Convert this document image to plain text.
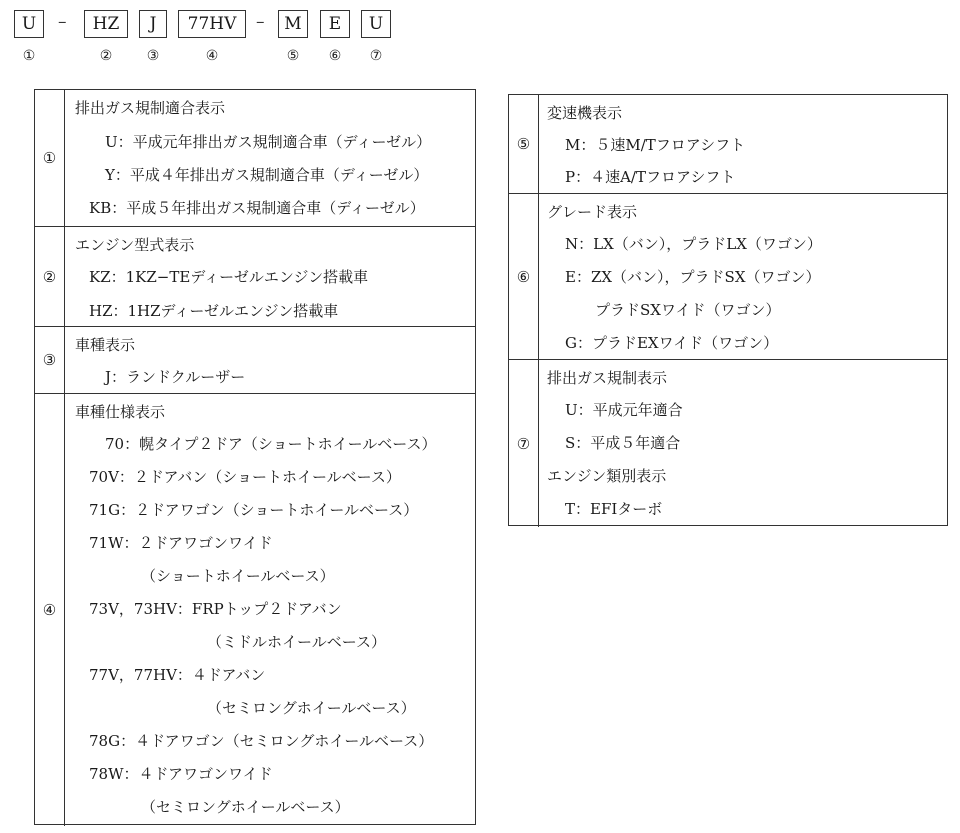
U	–	HZ	J	77HV	–	M	E	U
①	② ③	④	⑤ ⑥ ⑦
①
排出ガス規制適合表示
U：平成元年排出ガス規制適合車（ディーゼル）
Y：平成４年排出ガス規制適合車（ディーゼル）
KB：平成５年排出ガス規制適合車（ディーゼル）
②
エンジン型式表示
KZ：1KZ−TEディーゼルエンジン搭載車
HZ：1HZディーゼルエンジン搭載車
③
車種表示
J：ランドクルーザー
④
車種仕様表示
70：幌タイプ２ドア（ショートホイールベース）
70V：２ドアバン（ショートホイールベース）
71G：２ドアワゴン（ショートホイールベース）
71W：２ドアワゴンワイド
（ショートホイールベース）
73V，73HV：FRPトップ２ドアバン
（ミドルホイールベース）
77V，77HV：４ドアバン
（セミロングホイールベース）
78G：４ドアワゴン（セミロングホイールベース）
78W：４ドアワゴンワイド
（セミロングホイールベース）
⑤
変速機表示
M：５速M/Tフロアシフト
P：４速A/Tフロアシフト
⑥
グレード表示
N：LX（バン），プラドLX（ワゴン）
E：ZX（バン），プラドSX（ワゴン）
プラドSXワイド（ワゴン）
G：プラドEXワイド（ワゴン）
⑦
排出ガス規制表示
U：平成元年適合
S：平成５年適合
エンジン類別表示
T：EFIターボ
